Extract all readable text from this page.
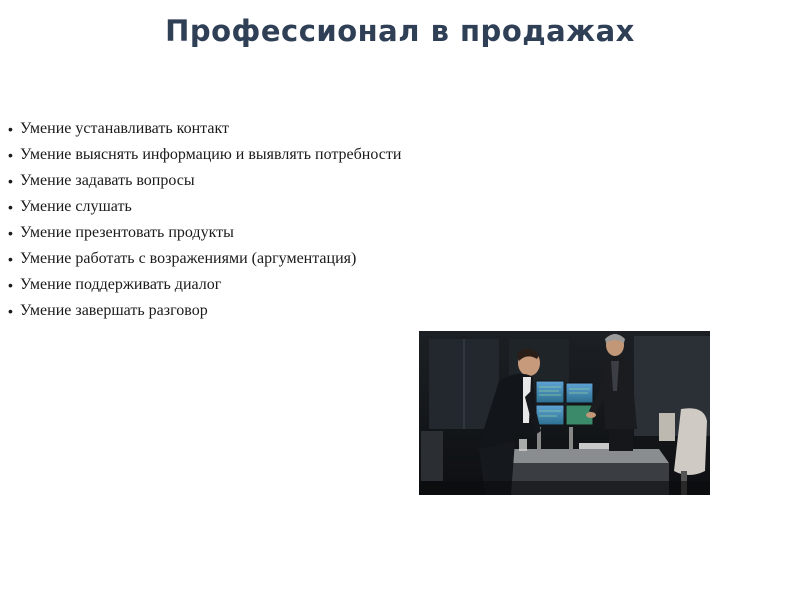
Профессионал в продажах
• Умение устанавливать контакт
• Умение выяснять информацию и выявлять потребности
• Умение задавать вопросы
• Умение слушать
• Умение презентовать продукты
• Умение работать с возражениями (аргументация)
• Умение поддерживать диалог
• Умение завершать разговор
